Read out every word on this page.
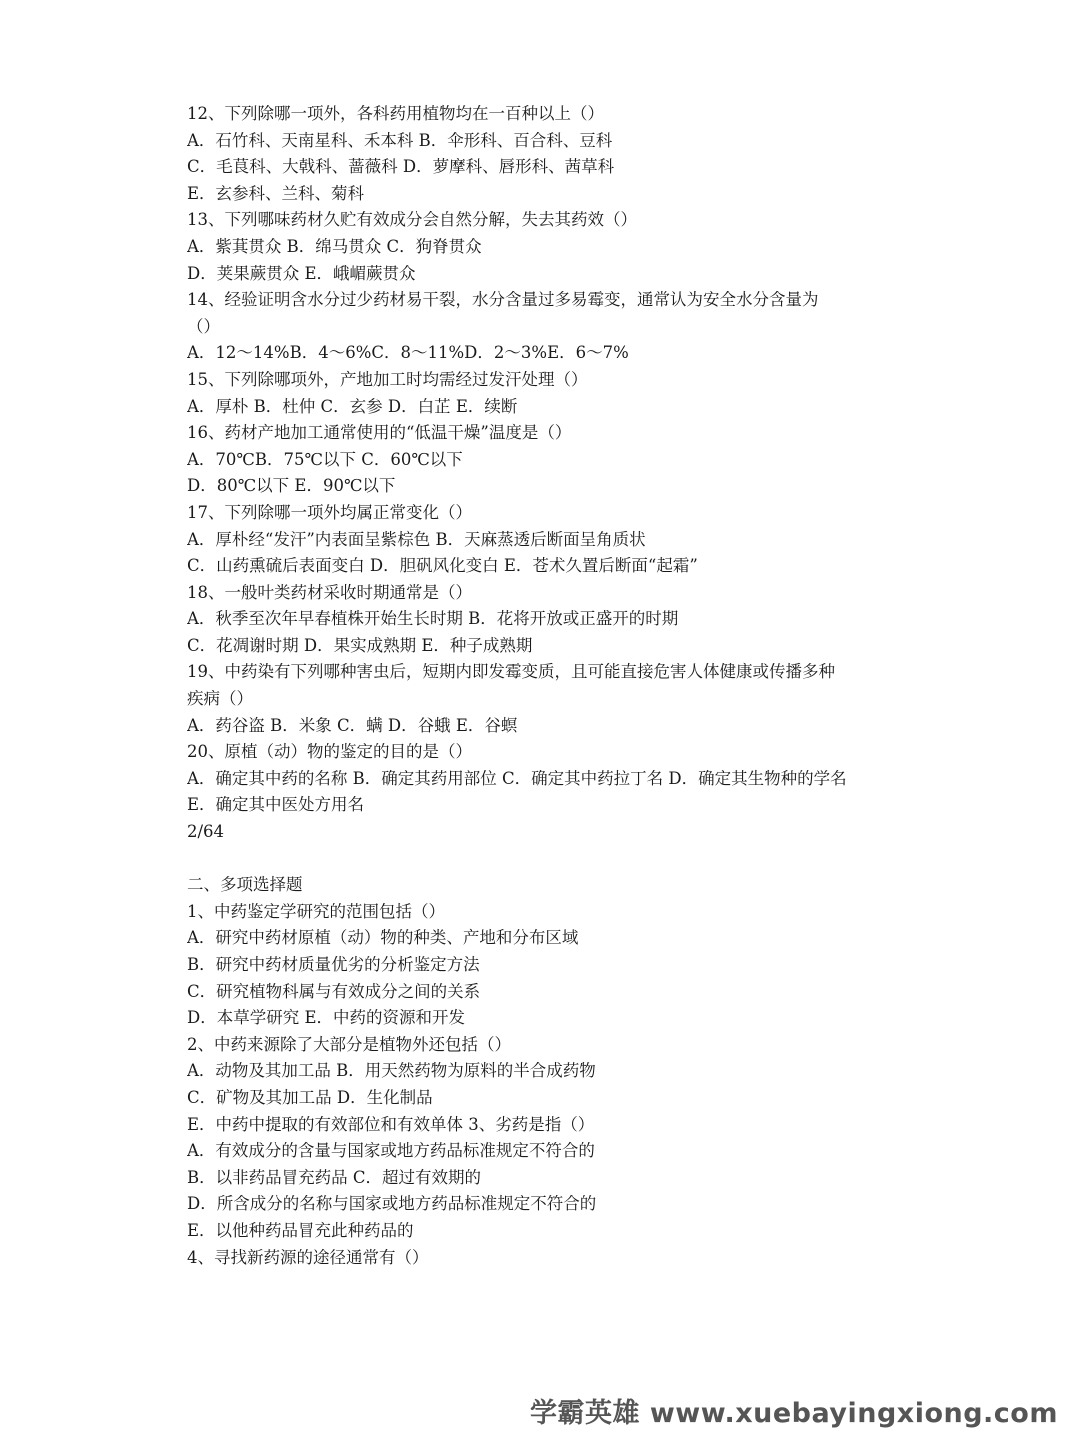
12、下列除哪一项外，各科药用植物均在一百种以上（）
A．石竹科、天南星科、禾本科 B．伞形科、百合科、豆科
C．毛茛科、大戟科、蔷薇科 D．萝摩科、唇形科、茜草科
E．玄参科、兰科、菊科
13、下列哪味药材久贮有效成分会自然分解，失去其药效（）
A．紫萁贯众 B．绵马贯众 C．狗脊贯众
D．荚果蕨贯众 E．峨嵋蕨贯众
14、经验证明含水分过少药材易干裂，水分含量过多易霉变，通常认为安全水分含量为
（）
A．12～14%B．4～6%C．8～11%D．2～3%E．6～7%
15、下列除哪项外，产地加工时均需经过发汗处理（）
A．厚朴 B．杜仲 C．玄参 D．白芷 E．续断
16、药材产地加工通常使用的“低温干燥”温度是（）
A．70℃B．75℃以下 C．60℃以下
D．80℃以下 E．90℃以下
17、下列除哪一项外均属正常变化（）
A．厚朴经“发汗”内表面呈紫棕色 B．天麻蒸透后断面呈角质状
C．山药熏硫后表面变白 D．胆矾风化变白 E．苍术久置后断面“起霜”
18、一般叶类药材采收时期通常是（）
A．秋季至次年早春植株开始生长时期 B．花将开放或正盛开的时期
C．花凋谢时期 D．果实成熟期 E．种子成熟期
19、中药染有下列哪种害虫后，短期内即发霉变质，且可能直接危害人体健康或传播多种
疾病（）
A．药谷盗 B．米象 C．螨 D．谷蛾 E．谷螟
20、原植（动）物的鉴定的目的是（）
A．确定其中药的名称 B．确定其药用部位 C．确定其中药拉丁名 D．确定其生物种的学名
E．确定其中医处方用名
2/64
二、多项选择题
1、中药鉴定学研究的范围包括（）
A．研究中药材原植（动）物的种类、产地和分布区域
B．研究中药材质量优劣的分析鉴定方法
C．研究植物科属与有效成分之间的关系
D．本草学研究 E．中药的资源和开发
2、中药来源除了大部分是植物外还包括（）
A．动物及其加工品 B．用天然药物为原料的半合成药物
C．矿物及其加工品 D．生化制品
E．中药中提取的有效部位和有效单体 3、劣药是指（）
A．有效成分的含量与国家或地方药品标准规定不符合的
B．以非药品冒充药品 C．超过有效期的
D．所含成分的名称与国家或地方药品标准规定不符合的
E．以他种药品冒充此种药品的
4、寻找新药源的途径通常有（）
学霸英雄 www.xuebayingxiong.com
